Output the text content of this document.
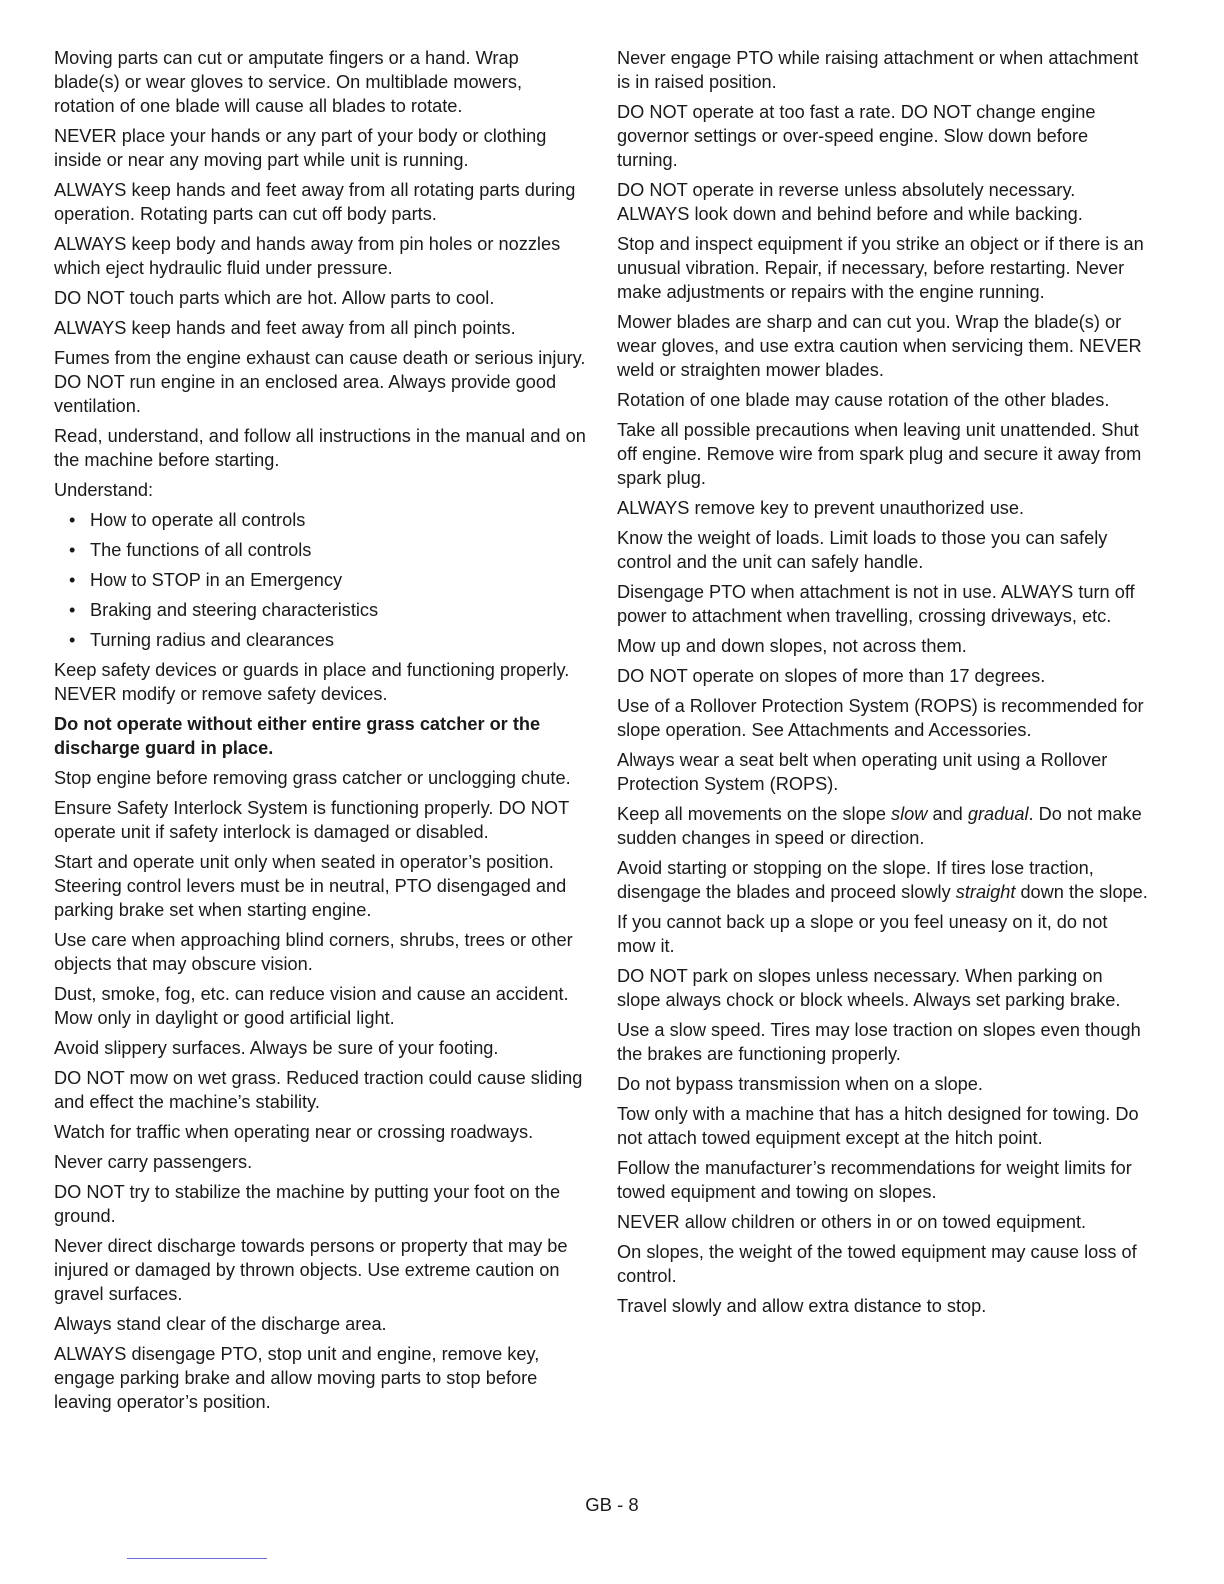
Moving parts can cut or amputate fingers or a hand. Wrap blade(s) or wear gloves to service. On multiblade mowers, rotation of one blade will cause all blades to rotate.

NEVER place your hands or any part of your body or clothing inside or near any moving part while unit is running.

ALWAYS keep hands and feet away from all rotating parts during operation. Rotating parts can cut off body parts.

ALWAYS keep body and hands away from pin holes or nozzles which eject hydraulic fluid under pressure.

DO NOT touch parts which are hot. Allow parts to cool.

ALWAYS keep hands and feet away from all pinch points.

Fumes from the engine exhaust can cause death or serious injury. DO NOT run engine in an enclosed area. Always provide good ventilation.

Read, understand, and follow all instructions in the manual and on the machine before starting.

Understand:

• How to operate all controls
• The functions of all controls
• How to STOP in an Emergency
• Braking and steering characteristics
• Turning radius and clearances

Keep safety devices or guards in place and functioning properly. NEVER modify or remove safety devices.

Do not operate without either entire grass catcher or the discharge guard in place.

Stop engine before removing grass catcher or unclogging chute.

Ensure Safety Interlock System is functioning properly. DO NOT operate unit if safety interlock is damaged or disabled.

Start and operate unit only when seated in operator’s position. Steering control levers must be in neutral, PTO disengaged and parking brake set when starting engine.

Use care when approaching blind corners, shrubs, trees or other objects that may obscure vision.

Dust, smoke, fog, etc. can reduce vision and cause an accident. Mow only in daylight or good artificial light.

Avoid slippery surfaces. Always be sure of your footing.

DO NOT mow on wet grass. Reduced traction could cause sliding and effect the machine’s stability.

Watch for traffic when operating near or crossing roadways.

Never carry passengers.

DO NOT try to stabilize the machine by putting your foot on the ground.

Never direct discharge towards persons or property that may be injured or damaged by thrown objects. Use extreme caution on gravel surfaces.

Always stand clear of the discharge area.

ALWAYS disengage PTO, stop unit and engine, remove key, engage parking brake and allow moving parts to stop before leaving operator’s position.

Never engage PTO while raising attachment or when attachment is in raised position.

DO NOT operate at too fast a rate. DO NOT change engine governor settings or over-speed engine. Slow down before turning.

DO NOT operate in reverse unless absolutely necessary. ALWAYS look down and behind before and while backing.

Stop and inspect equipment if you strike an object or if there is an unusual vibration. Repair, if necessary, before restarting. Never make adjustments or repairs with the engine running.

Mower blades are sharp and can cut you. Wrap the blade(s) or wear gloves, and use extra caution when servicing them. NEVER weld or straighten mower blades.

Rotation of one blade may cause rotation of the other blades.

Take all possible precautions when leaving unit unattended. Shut off engine. Remove wire from spark plug and secure it away from spark plug.

ALWAYS remove key to prevent unauthorized use.

Know the weight of loads. Limit loads to those you can safely control and the unit can safely handle.

Disengage PTO when attachment is not in use. ALWAYS turn off power to attachment when travelling, crossing driveways, etc.

Mow up and down slopes, not across them.

DO NOT operate on slopes of more than 17 degrees.

Use of a Rollover Protection System (ROPS) is recommended for slope operation. See Attachments and Accessories.

Always wear a seat belt when operating unit using a Rollover Protection System (ROPS).

Keep all movements on the slope slow and gradual. Do not make sudden changes in speed or direction.

Avoid starting or stopping on the slope. If tires lose traction, disengage the blades and proceed slowly straight down the slope.

If you cannot back up a slope or you feel uneasy on it, do not mow it.

DO NOT park on slopes unless necessary. When parking on slope always chock or block wheels. Always set parking brake.

Use a slow speed. Tires may lose traction on slopes even though the brakes are functioning properly.

Do not bypass transmission when on a slope.

Tow only with a machine that has a hitch designed for towing. Do not attach towed equipment except at the hitch point.

Follow the manufacturer’s recommendations for weight limits for towed equipment and towing on slopes.

NEVER allow children or others in or on towed equipment.

On slopes, the weight of the towed equipment may cause loss of control.

Travel slowly and allow extra distance to stop.

GB - 8
